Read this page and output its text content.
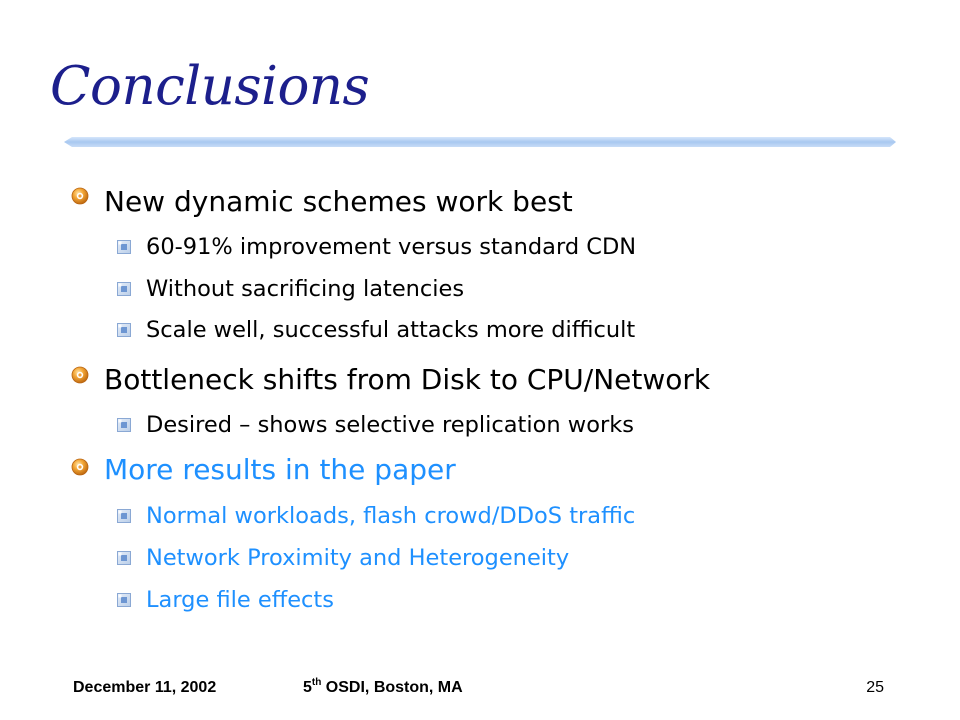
Conclusions
New dynamic schemes work best
60-91% improvement versus standard CDN
Without sacrificing latencies
Scale well, successful attacks more difficult
Bottleneck shifts from Disk to CPU/Network
Desired – shows selective replication works
More results in the paper
Normal workloads, flash crowd/DDoS traffic
Network Proximity and Heterogeneity
Large file effects
December 11, 2002	5th OSDI, Boston, MA	25
